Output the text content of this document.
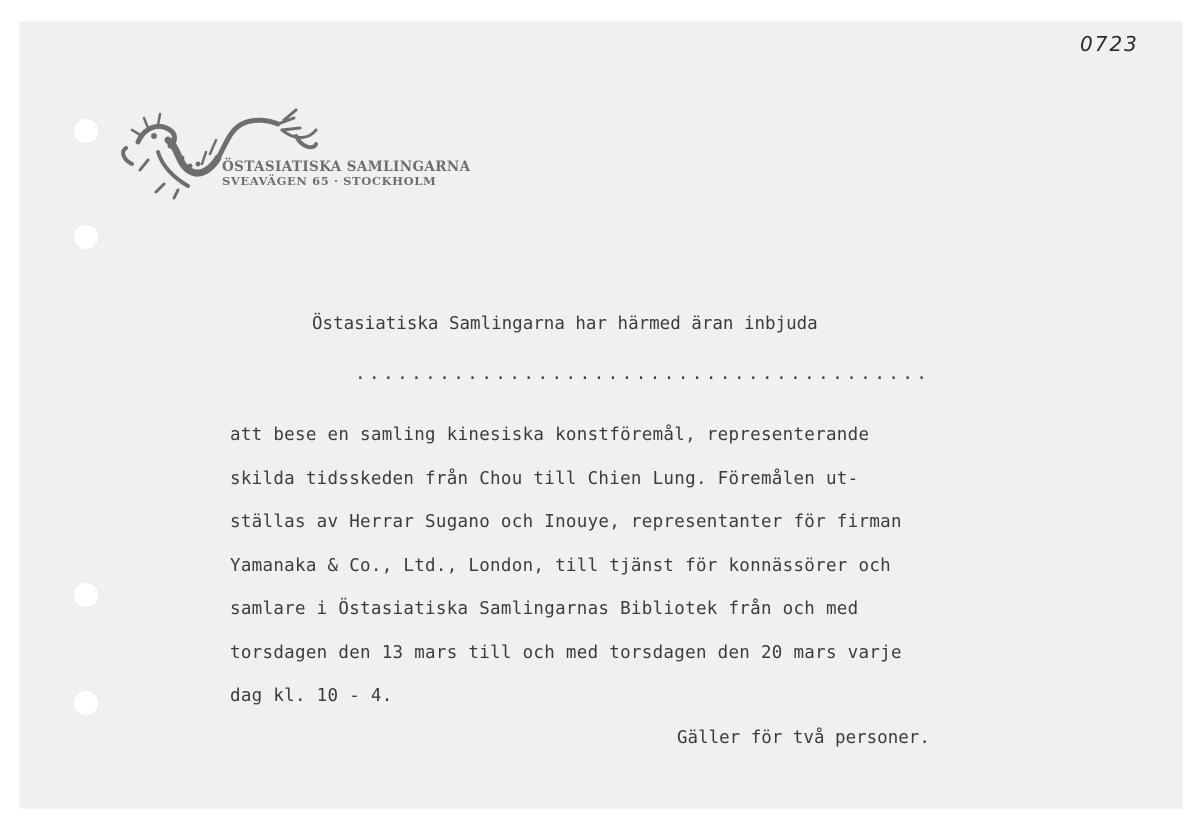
0723

ÖSTASIATISKA SAMLINGARNA
SVEAVÄGEN 65 · STOCKHOLM

Östasiatiska Samlingarna har härmed äran inbjuda

.........................................

att bese en samling kinesiska konstföremål, representerande
skilda tidsskeden från Chou till Chien Lung. Föremålen ut-
ställas av Herrar Sugano och Inouye, representanter för firman
Yamanaka & Co., Ltd., London, till tjänst för konnässörer och
samlare i Östasiatiska Samlingarnas Bibliotek från och med
torsdagen den 13 mars till och med torsdagen den 20 mars varje
dag kl. 10 - 4.

Gäller för två personer.
